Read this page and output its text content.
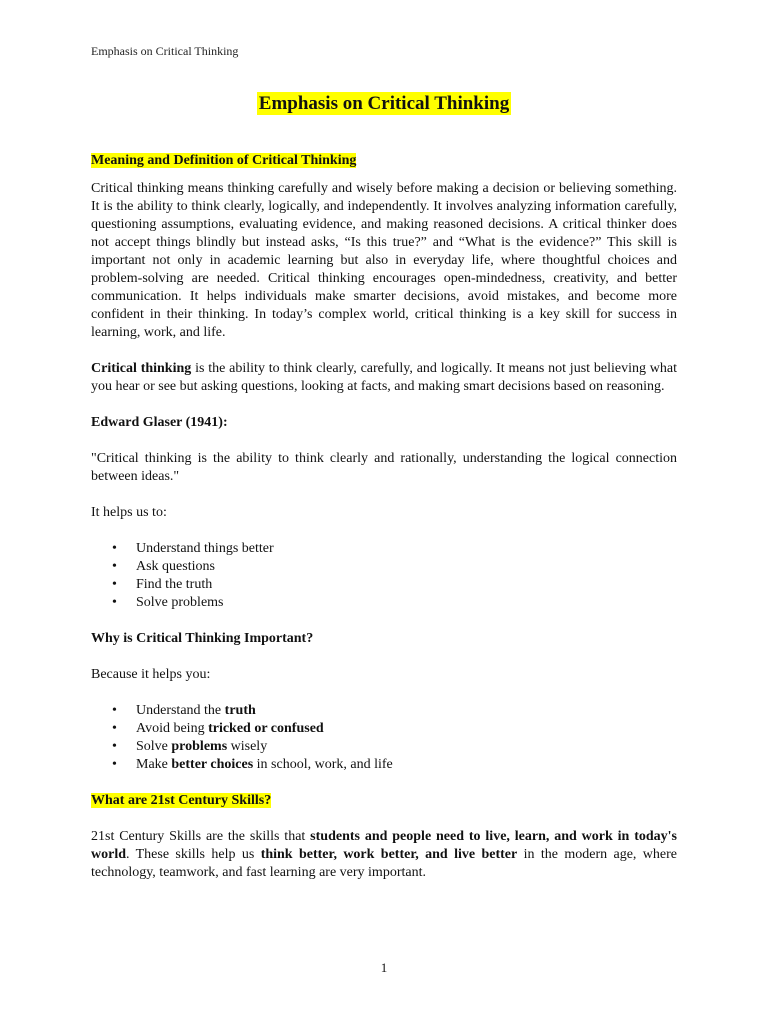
Emphasis on Critical Thinking
Emphasis on Critical Thinking
Meaning and Definition of Critical Thinking

Critical thinking means thinking carefully and wisely before making a decision or believing something. It is the ability to think clearly, logically, and independently. It involves analyzing information carefully, questioning assumptions, evaluating evidence, and making reasoned decisions. A critical thinker does not accept things blindly but instead asks, “Is this true?” and “What is the evidence?” This skill is important not only in academic learning but also in everyday life, where thoughtful choices and problem-solving are needed. Critical thinking encourages open-mindedness, creativity, and better communication. It helps individuals make smarter decisions, avoid mistakes, and become more confident in their thinking. In today’s complex world, critical thinking is a key skill for success in learning, work, and life.

Critical thinking is the ability to think clearly, carefully, and logically. It means not just believing what you hear or see but asking questions, looking at facts, and making smart decisions based on reasoning.

Edward Glaser (1941):

"Critical thinking is the ability to think clearly and rationally, understanding the logical connection between ideas."

It helps us to:
• Understand things better
• Ask questions
• Find the truth
• Solve problems
Why is Critical Thinking Important?
Because it helps you:
• Understand the truth
• Avoid being tricked or confused
• Solve problems wisely
• Make better choices in school, work, and life
What are 21st Century Skills?

21st Century Skills are the skills that students and people need to live, learn, and work in today's world. These skills help us think better, work better, and live better in the modern age, where technology, teamwork, and fast learning are very important.

1
